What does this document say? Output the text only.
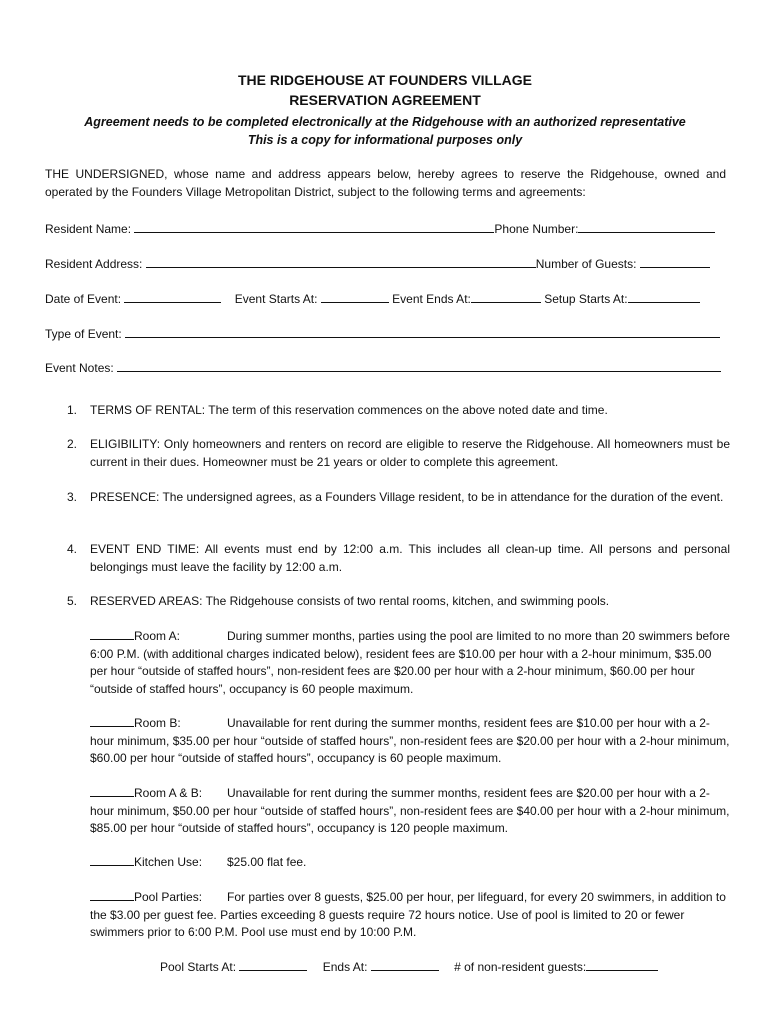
THE RIDGEHOUSE AT FOUNDERS VILLAGE
RESERVATION AGREEMENT
Agreement needs to be completed electronically at the Ridgehouse with an authorized representative
This is a copy for informational purposes only
THE UNDERSIGNED, whose name and address appears below, hereby agrees to reserve the Ridgehouse, owned and operated by the Founders Village Metropolitan District, subject to the following terms and agreements:
Resident Name:	Phone Number:
Resident Address:	Number of Guests:
Date of Event:	Event Starts At:	Event Ends At:	Setup Starts At:
Type of Event:
Event Notes:
1. TERMS OF RENTAL: The term of this reservation commences on the above noted date and time.
2. ELIGIBILITY: Only homeowners and renters on record are eligible to reserve the Ridgehouse. All homeowners must be current in their dues. Homeowner must be 21 years or older to complete this agreement.
3. PRESENCE: The undersigned agrees, as a Founders Village resident, to be in attendance for the duration of the event.
4. EVENT END TIME: All events must end by 12:00 a.m. This includes all clean-up time. All persons and personal belongings must leave the facility by 12:00 a.m.
5. RESERVED AREAS: The Ridgehouse consists of two rental rooms, kitchen, and swimming pools.
Room A:	During summer months, parties using the pool are limited to no more than 20 swimmers before 6:00 P.M. (with additional charges indicated below), resident fees are $10.00 per hour with a 2-hour minimum, $35.00 per hour “outside of staffed hours”, non-resident fees are $20.00 per hour with a 2-hour minimum, $60.00 per hour “outside of staffed hours”, occupancy is 60 people maximum.
Room B:	Unavailable for rent during the summer months, resident fees are $10.00 per hour with a 2-hour minimum, $35.00 per hour “outside of staffed hours”, non-resident fees are $20.00 per hour with a 2-hour minimum, $60.00 per hour “outside of staffed hours”, occupancy is 60 people maximum.
Room A & B: Unavailable for rent during the summer months, resident fees are $20.00 per hour with a 2-hour minimum, $50.00 per hour “outside of staffed hours”, non-resident fees are $40.00 per hour with a 2-hour minimum, $85.00 per hour “outside of staffed hours”, occupancy is 120 people maximum.
Kitchen Use: $25.00 flat fee.
Pool Parties: For parties over 8 guests, $25.00 per hour, per lifeguard, for every 20 swimmers, in addition to the $3.00 per guest fee. Parties exceeding 8 guests require 72 hours notice. Use of pool is limited to 20 or fewer swimmers prior to 6:00 P.M. Pool use must end by 10:00 P.M.
Pool Starts At:	Ends At:	# of non-resident guests:
